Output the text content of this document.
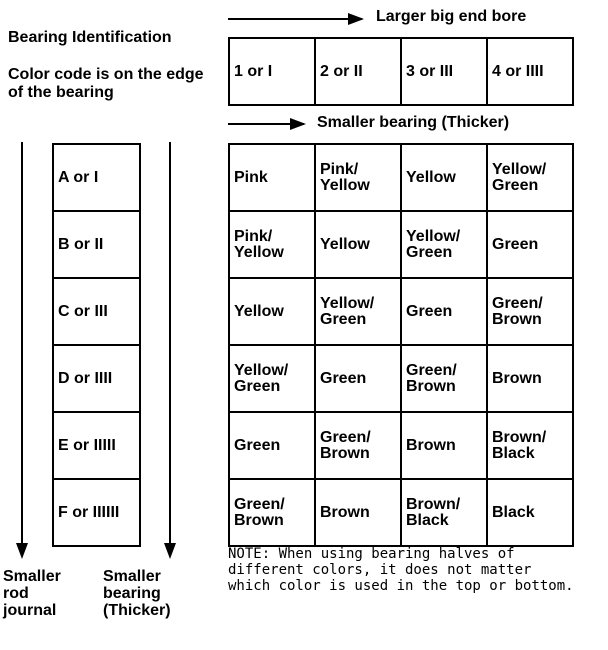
Larger big end bore
Bearing Identification
Color code is on the edge of the bearing
1 or I	2 or II	3 or III	4 or IIII
Smaller bearing (Thicker)
A or I
B or II
C or III
D or IIII
E or IIIII
F or IIIIII
Pink	Pink/ Yellow	Yellow	Yellow/ Green
Pink/ Yellow	Yellow	Yellow/ Green	Green
Yellow	Yellow/ Green	Green	Green/ Brown
Yellow/ Green	Green	Green/ Brown	Brown
Green	Green/ Brown	Brown	Brown/ Black
Green/ Brown	Brown	Brown/ Black	Black
Smaller rod journal
Smaller bearing (Thicker)
NOTE: When using bearing halves of different colors, it does not matter which color is used in the top or bottom.
